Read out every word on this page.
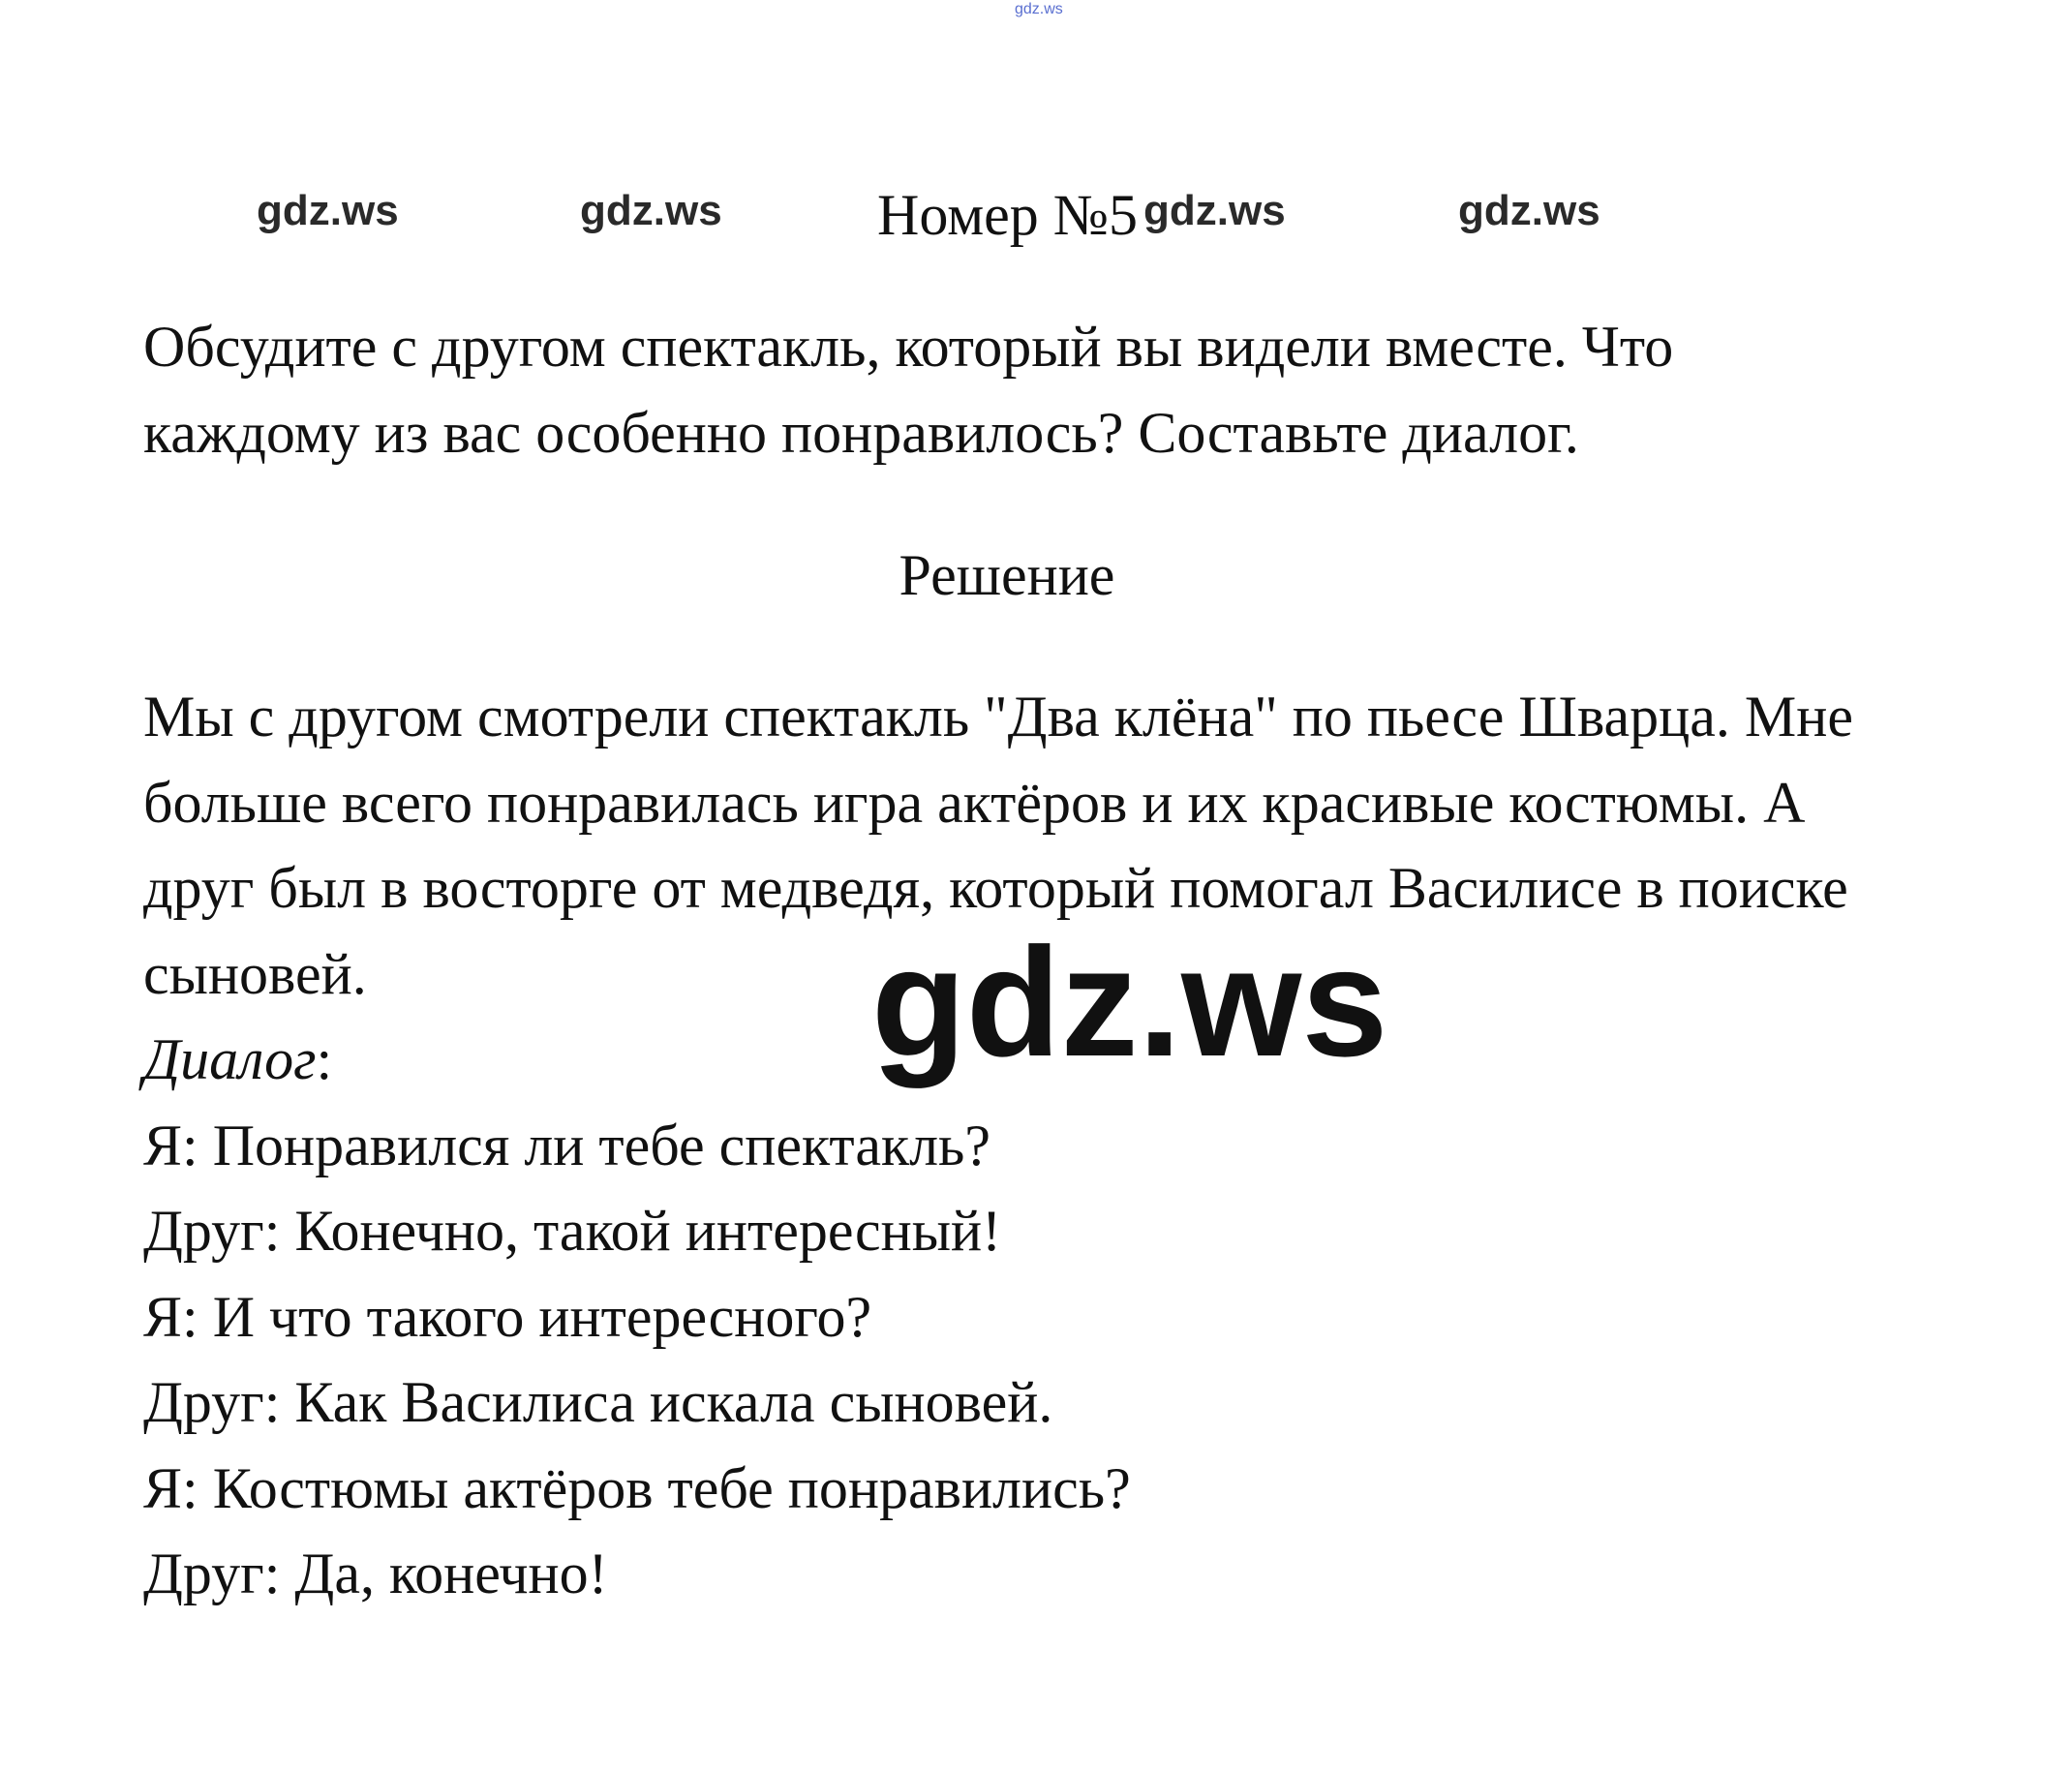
gdz.ws
gdz.ws	gdz.ws	Номер №5 gdz.ws	gdz.ws
Обсудите с другом спектакль, который вы видели вместе. Что
каждому из вас особенно понравилось? Составьте диалог.
Решение
Мы с другом смотрели спектакль "Два клёна" по пьесе Шварца. Мне
больше всего понравилась игра актёров и их красивые костюмы. А
друг был в восторге от медведя, который помогал Василисе в поиске
сыновей.
Диалог:
Я: Понравился ли тебе спектакль?
Друг: Конечно, такой интересный!
Я: И что такого интересного?
Друг: Как Василиса искала сыновей.
Я: Костюмы актёров тебе понравились?
Друг: Да, конечно!
gdz.ws
